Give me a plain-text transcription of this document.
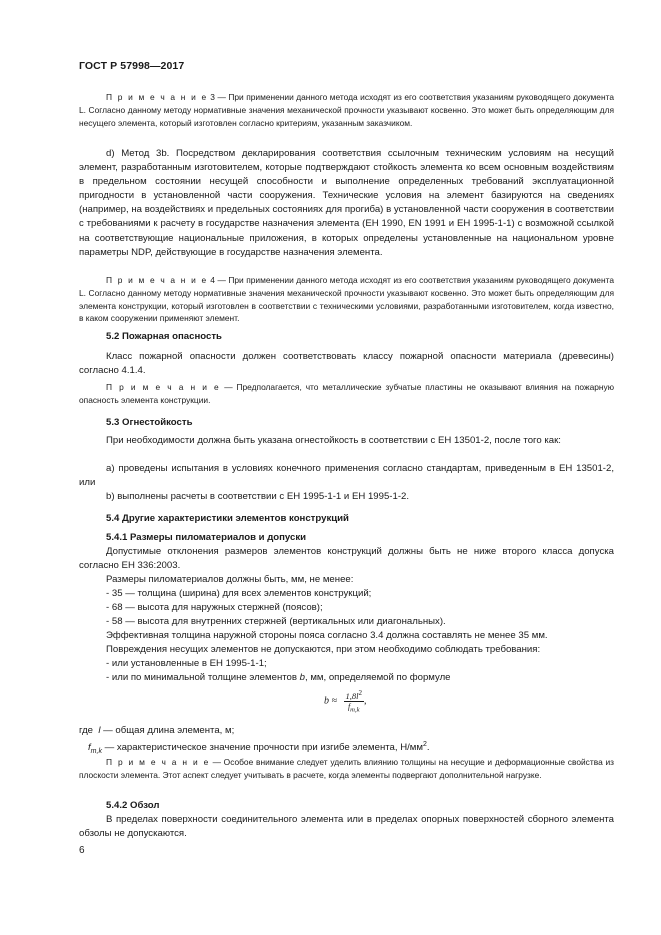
ГОСТ Р 57998—2017
П р и м е ч а н и е 3 — При применении данного метода исходят из его соответствия указаниям руководящего документа L. Согласно данному методу нормативные значения механической прочности указывают косвенно. Это может быть определяющим для несущего элемента, который изготовлен согласно критериям, указанным заказчиком.
d) Метод 3b. Посредством декларирования соответствия ссылочным техническим условиям на несущий элемент, разработанным изготовителем, которые подтверждают стойкость элемента ко всем основным воздействиям в предельном состоянии несущей способности и выполнение определенных требований эксплуатационной пригодности в установленной части сооружения. Технические условия на элемент базируются на сведениях (например, на воздействиях и предельных состояниях для прогиба) в установленной части сооружения в соответствии с требованиями к расчету в государстве назначения элемента (ЕН 1990, EN 1991 и ЕН 1995-1-1) с возможной ссылкой на соответствующие национальные приложения, в которых определены установленные на национальном уровне параметры NDP, действующие в государстве назначения элемента.
П р и м е ч а н и е 4 — При применении данного метода исходят из его соответствия указаниям руководящего документа L. Согласно данному методу нормативные значения механической прочности указывают косвенно. Это может быть определяющим для элемента конструкции, который изготовлен в соответствии с техническими условиями, разработанными изготовителем, когда известно, в каком сооружении применяют элемент.
5.2 Пожарная опасность
Класс пожарной опасности должен соответствовать классу пожарной опасности материала (древесины) согласно 4.1.4.
П р и м е ч а н и е — Предполагается, что металлические зубчатые пластины не оказывают влияния на пожарную опасность элемента конструкции.
5.3 Огнестойкость
При необходимости должна быть указана огнестойкость в соответствии с ЕН 13501-2, после того как:
a) проведены испытания в условиях конечного применения согласно стандартам, приведенным в ЕН 13501-2, или
b) выполнены расчеты в соответствии с ЕН 1995-1-1 и ЕН 1995-1-2.
5.4 Другие характеристики элементов конструкций
5.4.1 Размеры пиломатериалов и допуски
Допустимые отклонения размеров элементов конструкций должны быть не ниже второго класса допуска согласно ЕН 336:2003.
Размеры пиломатериалов должны быть, мм, не менее:
- 35 — толщина (ширина) для всех элементов конструкций;
- 68 — высота для наружных стержней (поясов);
- 58 — высота для внутренних стержней (вертикальных или диагональных).
Эффективная толщина наружной стороны пояса согласно 3.4 должна составлять не менее 35 мм.
Повреждения несущих элементов не допускаются, при этом необходимо соблюдать требования:
- или установленные в ЕН 1995-1-1;
- или по минимальной толщине элементов b, мм, определяемой по формуле
$b \approx \frac{1,8l^2}{f_{m,k}}$ ,
где l — общая длина элемента, м;
$f_{m,k}$ — характеристическое значение прочности при изгибе элемента, $Н/мм^2$.
П р и м е ч а н и е — Особое внимание следует уделить влиянию толщины на несущие и деформационные свойства из плоскости элемента. Этот аспект следует учитывать в расчете, когда элементы подвергают дополнительной нагрузке.
5.4.2 Обзол
В пределах поверхности соединительного элемента или в пределах опорных поверхностей сборного элемента обзолы не допускаются.
6
